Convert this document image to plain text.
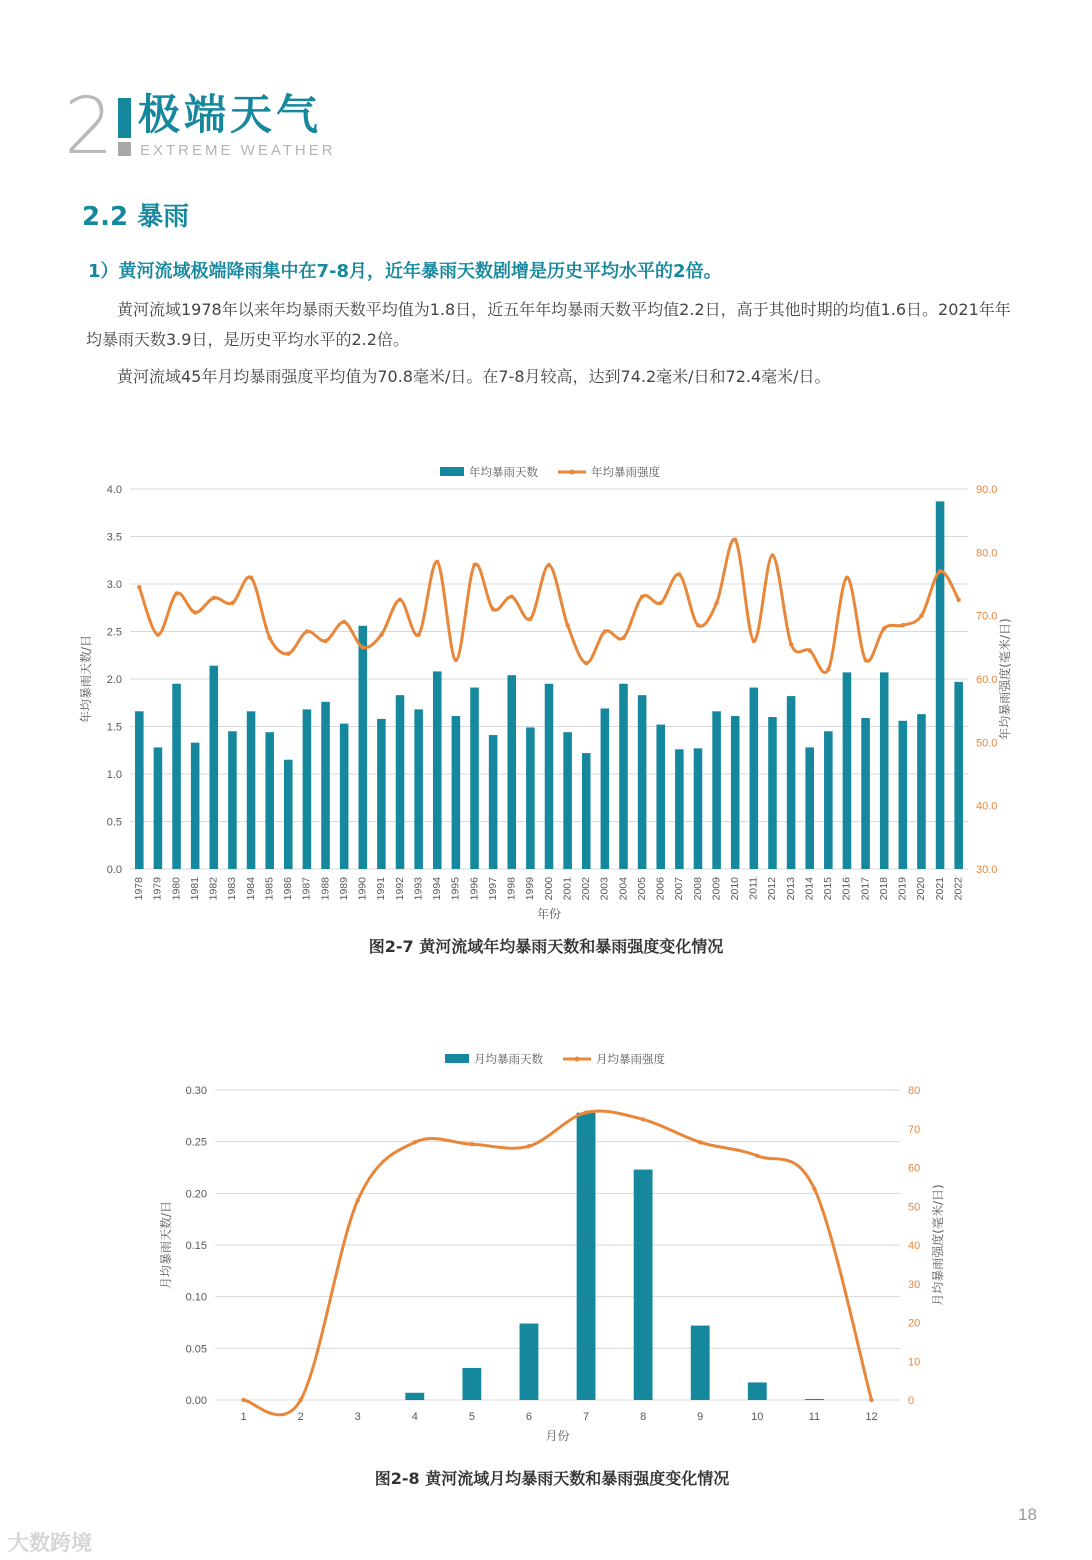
2 极端天气
EXTREME WEATHER
2.2 暴雨
1）黄河流域极端降雨集中在7-8月，近年暴雨天数剧增是历史平均水平的2倍。

黄河流域1978年以来年均暴雨天数平均值为1.8日，近五年年均暴雨天数平均值2.2日，高于其他时期的均值1.6日。2021年年均暴雨天数3.9日，是历史平均水平的2.2倍。

黄河流域45年月均暴雨强度平均值为70.8毫米/日。在7-8月较高，达到74.2毫米/日和72.4毫米/日。

0.0
0.5
1.0
1.5
2.0
2.5
3.0
3.5
4.0
30.0
40.0
50.0
60.0
70.0
80.0
90.0
1978 1979 1980 1981 1982 1983 1984 1985 1986 1987 1988 1989 1990 1991 1992 1993 1994 1995 1996 1997 1998 1999 2000 2001 2002 2003 2004 2005 2006 2007 2008 2009 2010 2011 2012 2013 2014 2015 2016 2017 2018 2019 2020 2021 2022
年份
年均暴雨天数/日	年均暴雨强度(毫米/日)
年均暴雨天数	年均暴雨强度
图2-7 黄河流域年均暴雨天数和暴雨强度变化情况
0.00
0.05
0.10
0.15
0.20
0.25
0.30
0
10
20
30
40
50
60
70
80
1	2	3	4	5	6	7	8	9	10	11	12
月份
月均暴雨天数/日	月均暴雨强度(毫米/日)
月均暴雨天数	月均暴雨强度
图2-8 黄河流域月均暴雨天数和暴雨强度变化情况
18
大数跨境
